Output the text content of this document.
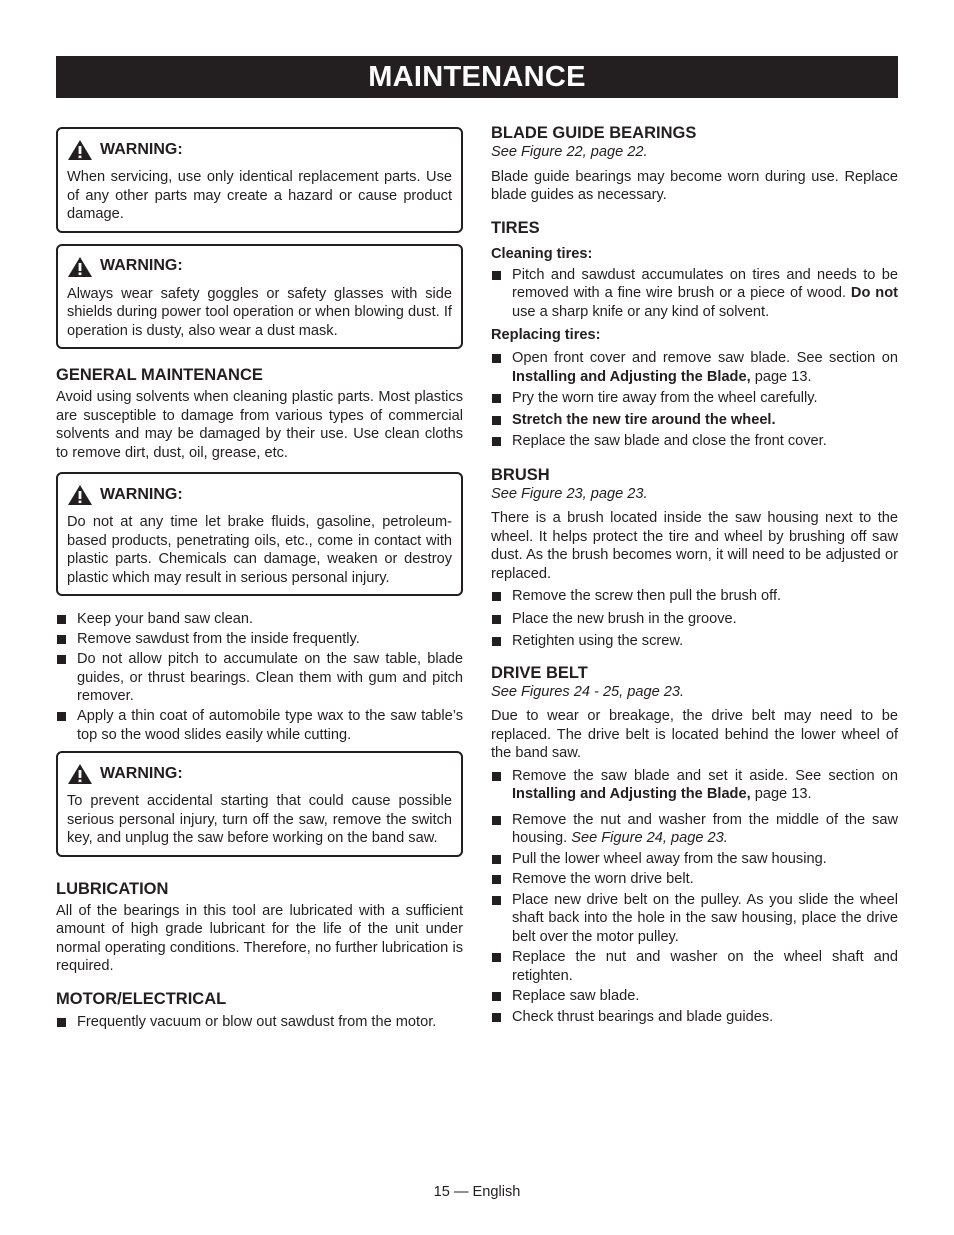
MAINTENANCE
WARNING:

When servicing, use only identical replacement parts. Use of any other parts may create a hazard or cause product damage.

WARNING:

Always wear safety goggles or safety glasses with side shields during power tool operation or when blowing dust. If operation is dusty, also wear a dust mask.

GENERAL MAINTENANCE

Avoid using solvents when cleaning plastic parts. Most plastics are susceptible to damage from various types of commercial solvents and may be damaged by their use. Use clean cloths to remove dirt, dust, oil, grease, etc.

WARNING:

Do not at any time let brake fluids, gasoline, petroleum-based products, penetrating oils, etc., come in contact with plastic parts. Chemicals can damage, weaken or destroy plastic which may result in serious personal injury.

Keep your band saw clean.
Remove sawdust from the inside frequently.
Do not allow pitch to accumulate on the saw table, blade guides, or thrust bearings. Clean them with gum and pitch remover.
Apply a thin coat of automobile type wax to the saw table’s top so the wood slides easily while cutting.
WARNING:

To prevent accidental starting that could cause possible serious personal injury, turn off the saw, remove the switch key, and unplug the saw before working on the band saw.

LUBRICATION

All of the bearings in this tool are lubricated with a sufficient amount of high grade lubricant for the life of the unit under normal operating conditions. Therefore, no further lubrication is required.

MOTOR/ELECTRICAL
Frequently vacuum or blow out sawdust from the motor.
BLADE GUIDE BEARINGS

See Figure 22, page 22.

Blade guide bearings may become worn during use. Replace blade guides as necessary.

TIRES
Cleaning tires:
Pitch and sawdust accumulates on tires and needs to be removed with a fine wire brush or a piece of wood. Do not use a sharp knife or any kind of solvent.
Replacing tires:
Open front cover and remove saw blade. See section on Installing and Adjusting the Blade, page 13.
Pry the worn tire away from the wheel carefully.
Stretch the new tire around the wheel.
Replace the saw blade and close the front cover.
BRUSH

See Figure 23, page 23.

There is a brush located inside the saw housing next to the wheel. It helps protect the tire and wheel by brushing off saw dust. As the brush becomes worn, it will need to be adjusted or replaced.

Remove the screw then pull the brush off.
Place the new brush in the groove.
Retighten using the screw.
DRIVE BELT

See Figures 24 - 25, page 23.

Due to wear or breakage, the drive belt may need to be replaced. The drive belt is located behind the lower wheel of the band saw.

Remove the saw blade and set it aside. See section on Installing and Adjusting the Blade, page 13.
Remove the nut and washer from the middle of the saw housing. See Figure 24, page 23.
Pull the lower wheel away from the saw housing.
Remove the worn drive belt.
Place new drive belt on the pulley. As you slide the wheel shaft back into the hole in the saw housing, place the drive belt over the motor pulley.
Replace the nut and washer on the wheel shaft and retighten.
Replace saw blade.
Check thrust bearings and blade guides.
15 — English
